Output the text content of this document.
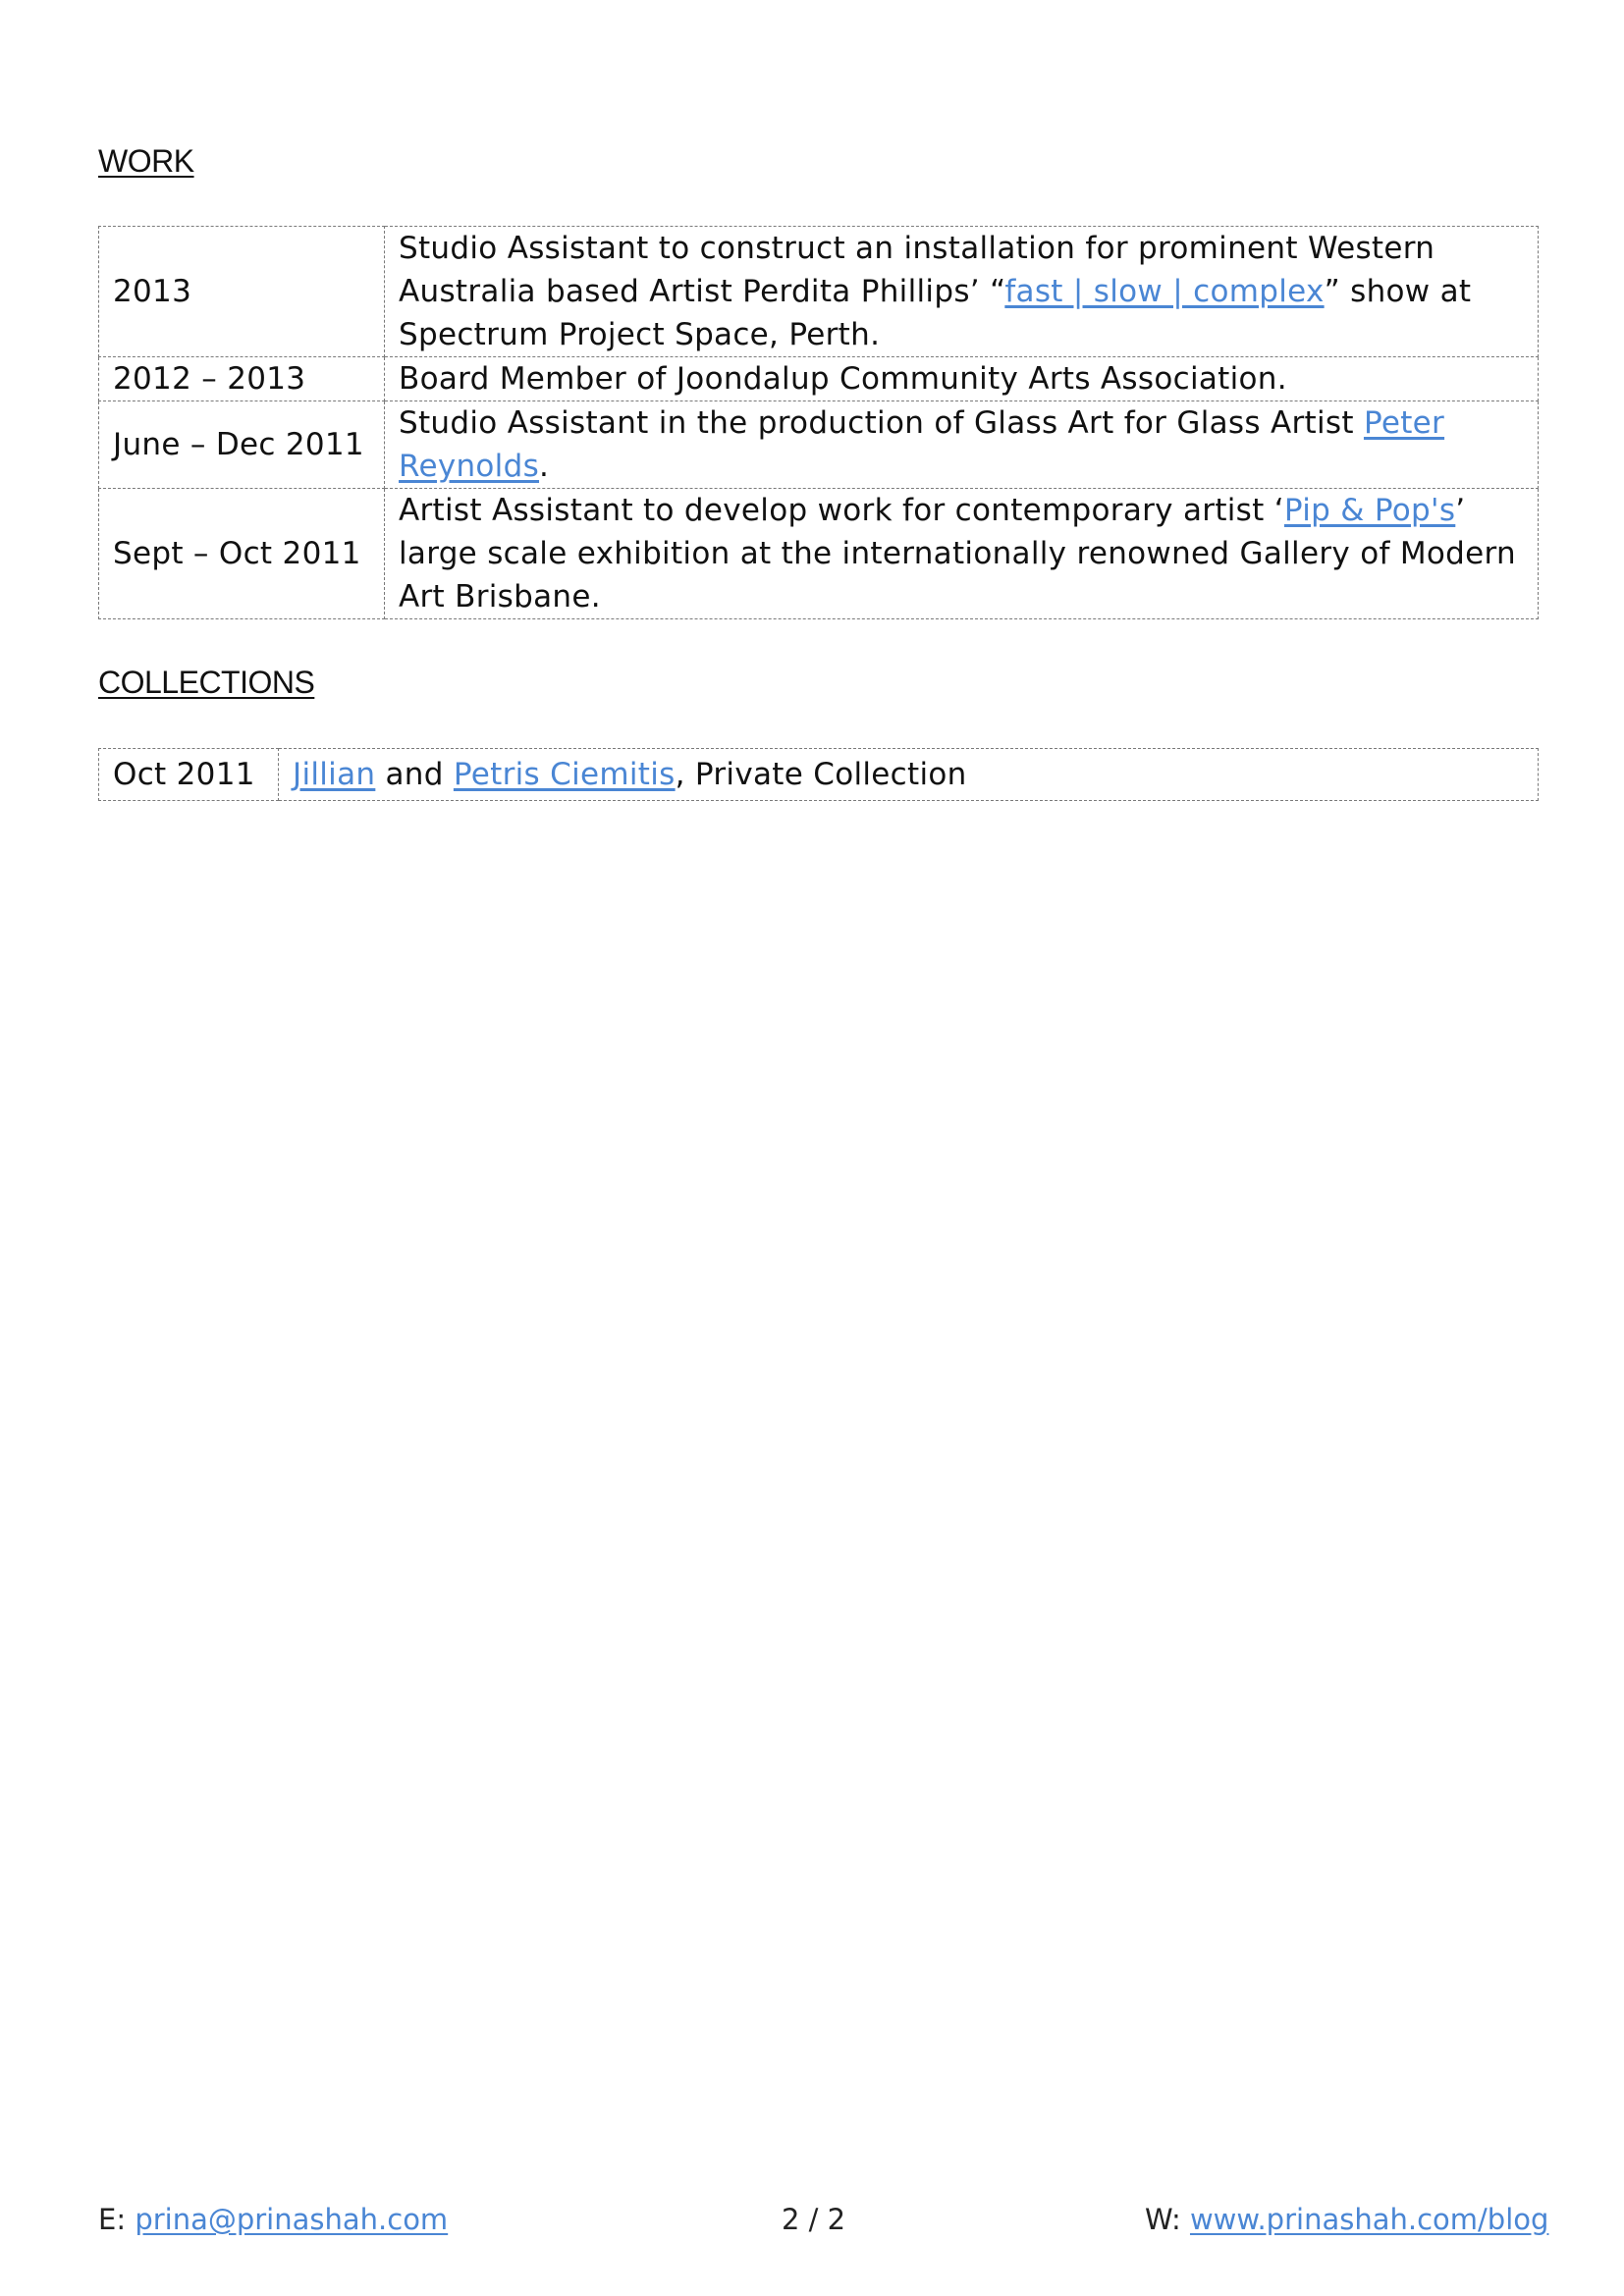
WORK
2013	Studio Assistant to construct an installation for prominent Western Australia based Artist Perdita Phillips’ “fast | slow | complex” show at Spectrum Project Space, Perth.
2012 – 2013	Board Member of Joondalup Community Arts Association.
June – Dec 2011	Studio Assistant in the production of Glass Art for Glass Artist Peter Reynolds.
Sept – Oct 2011	Artist Assistant to develop work for contemporary artist ‘Pip & Pop's’ large scale exhibition at the internationally renowned Gallery of Modern Art Brisbane.
COLLECTIONS
Oct 2011	Jillian and Petris Ciemitis, Private Collection
E: prina@prinashah.com	2 / 2	W: www.prinashah.com/blog
